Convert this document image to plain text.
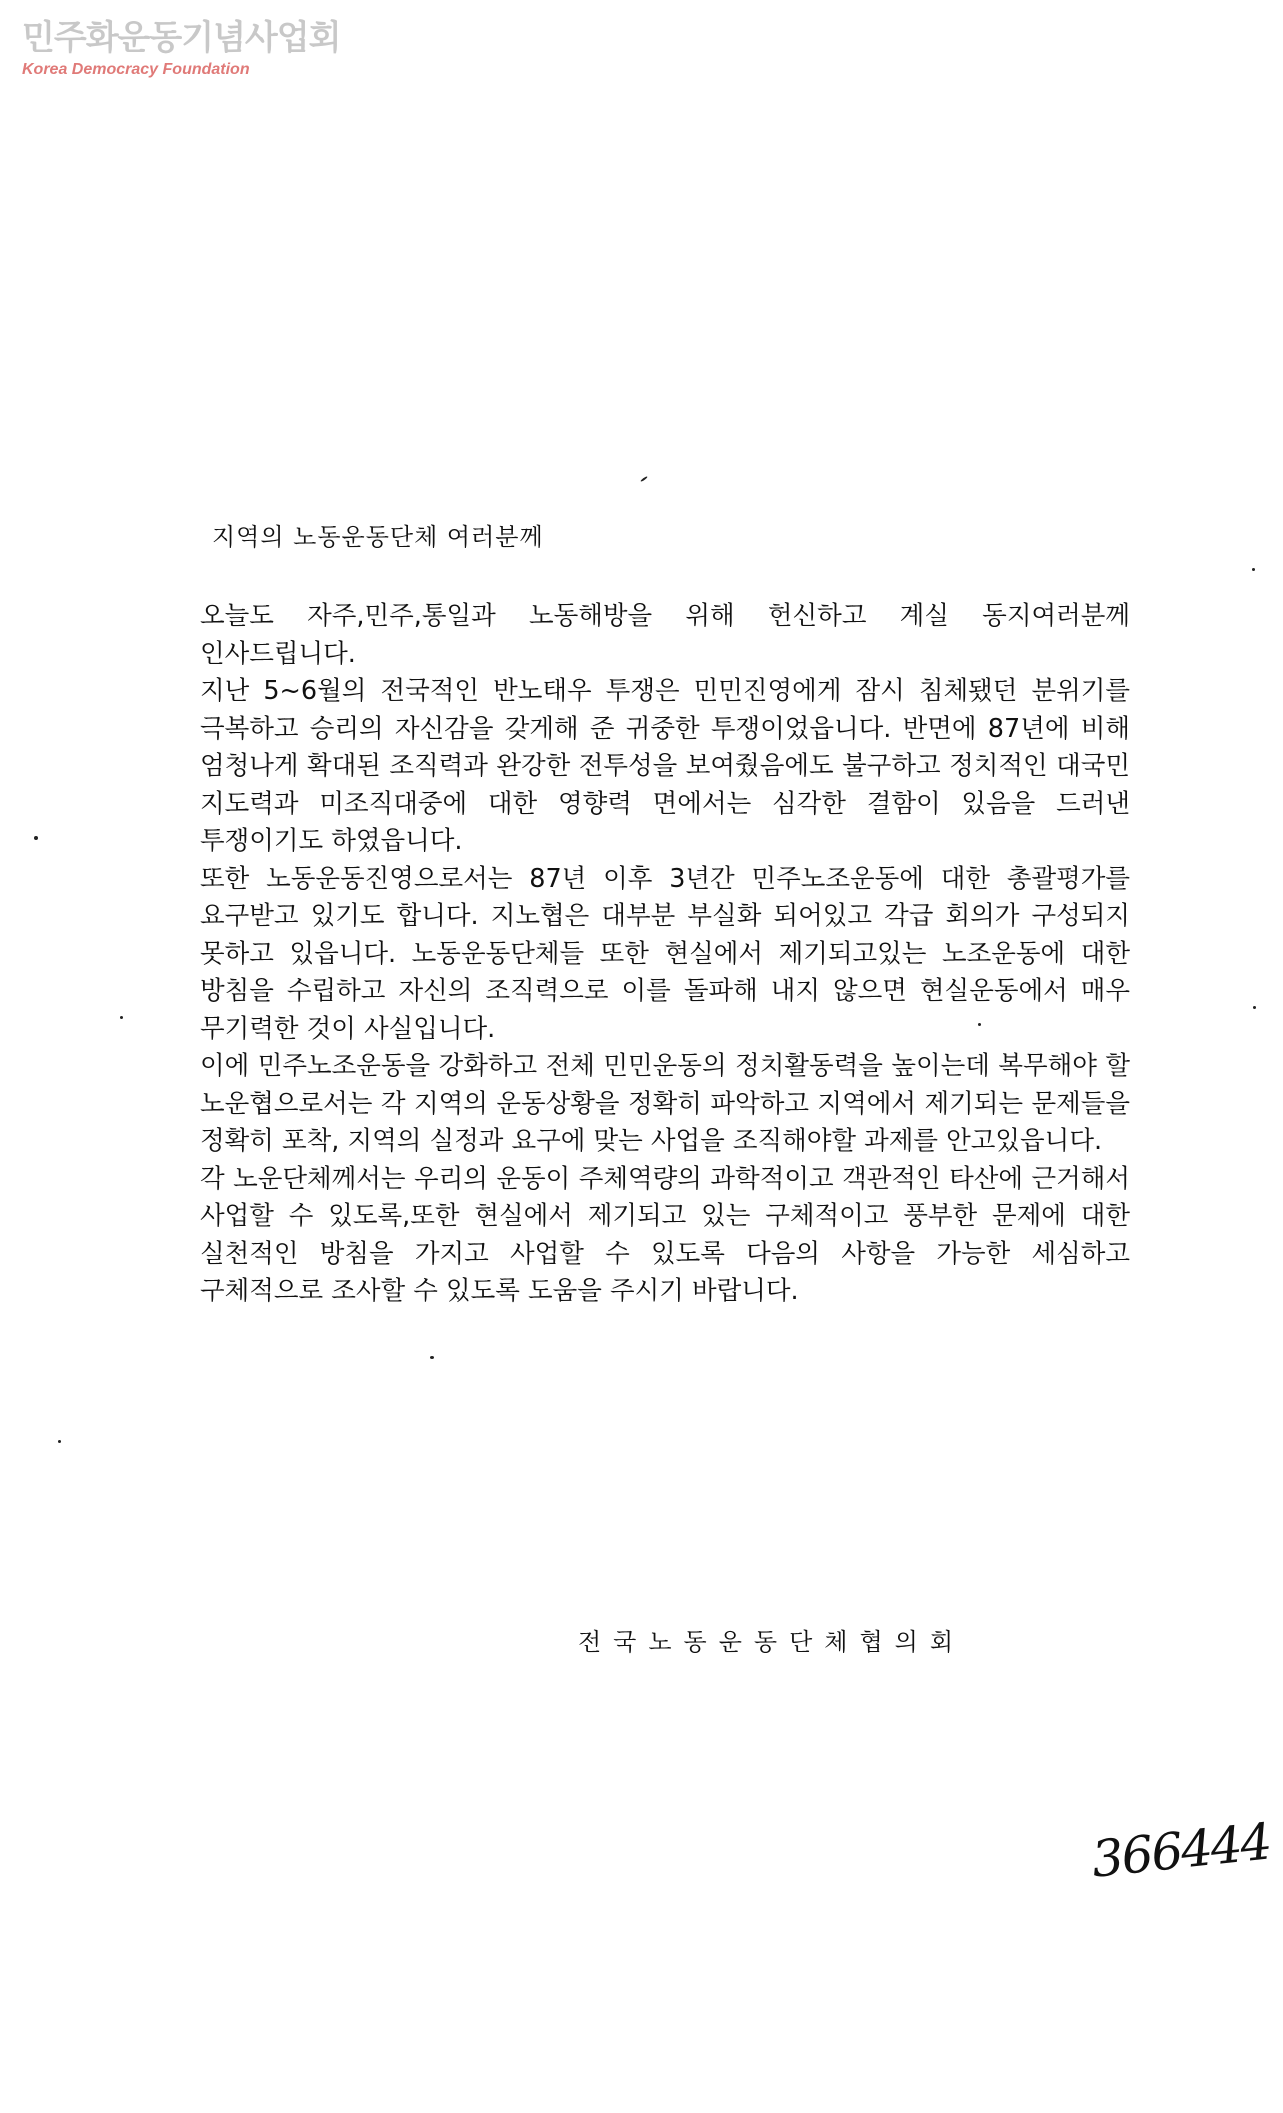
민주화운동기념사업회
Korea Democracy Foundation
지역의 노동운동단체 여러분께

오늘도 자주,민주,통일과 노동해방을 위해 헌신하고 계실 동지여러분께 인사드립니다.

지난 5~6월의 전국적인 반노태우 투쟁은 민민진영에게 잠시 침체됐던 분위기를 극복하고 승리의 자신감을 갖게해 준 귀중한 투쟁이었읍니다. 반면에 87년에 비해 엄청나게 확대된 조직력과 완강한 전투성을 보여줬음에도 불구하고 정치적인 대국민 지도력과 미조직대중에 대한 영향력 면에서는 심각한 결함이 있음을 드러낸 투쟁이기도 하였읍니다.

또한 노동운동진영으로서는 87년 이후 3년간 민주노조운동에 대한 총괄평가를 요구받고 있기도 합니다. 지노협은 대부분 부실화 되어있고 각급 회의가 구성되지 못하고 있읍니다. 노동운동단체들 또한 현실에서 제기되고있는 노조운동에 대한 방침을 수립하고 자신의 조직력으로 이를 돌파해 내지 않으면 현실운동에서 매우 무기력한 것이 사실입니다.

이에 민주노조운동을 강화하고 전체 민민운동의 정치활동력을 높이는데 복무해야 할 노운협으로서는 각 지역의 운동상황을 정확히 파악하고 지역에서 제기되는 문제들을 정확히 포착, 지역의 실정과 요구에 맞는 사업을 조직해야할 과제를 안고있읍니다.

각 노운단체께서는 우리의 운동이 주체역량의 과학적이고 객관적인 타산에 근거해서 사업할 수 있도록,또한 현실에서 제기되고 있는 구체적이고 풍부한 문제에 대한 실천적인 방침을 가지고 사업할 수 있도록 다음의 사항을 가능한 세심하고 구체적으로 조사할 수 있도록 도움을 주시기 바랍니다.

전국노동운동단체협의회
366444
